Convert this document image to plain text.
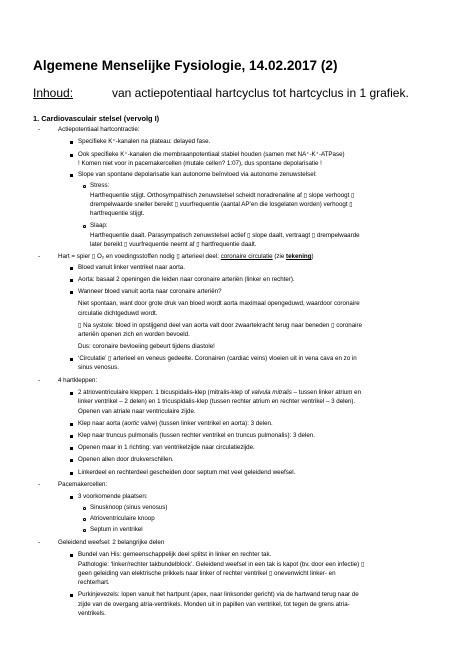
Algemene Menselijke Fysiologie, 14.02.2017 (2)
Inhoud:	van actiepotentiaal hartcyclus tot hartcyclus in 1 grafiek.
1. Cardiovasculair stelsel (vervolg I)
-	Actiepotentiaal hartcontractie:
Specifieke K⁺-kanalen na plateau: delayed fase.
Ook specifieke K⁺-kanalen die membraanpotentiaal stabiel houden (samen met NA⁺-K⁺-ATPase)
! Komen niet voor in pacemakercellen (mutale cellen? 1:07), dus spontane depolarisatie !
Slope van spontane depolarisatie kan autonome beïnvloed via autonome zenuwstelsel:
Stress:
Hartfrequentie stijgt. Orthosympathisch zenuwstelsel scheidt noradrenaline af ▯ slope verhoogt ▯
drempelwaarde sneller bereikt ▯ vuurfrequentie (aantal AP’en die losgelaten worden) verhoogt ▯
hartfrequentie stijgt.
Slaap:
Hartfrequentie daalt. Parasympatisch zenuwstelsel actief ▯ slope daalt, vertraagt ▯ drempelwaarde
later bereikt ▯ vuurfrequentie neemt af ▯ hartfrequentie daalt.
-	Hart = spier ▯ O₂ en voedingsstoffen nodig ▯ arterieel deel: coronaire circulatie (zie tekening)
Bloed vanuit linker ventrikel naar aorta.
Aorta: basaal 2 openingen die leiden naar coronaire arteriën (linker en rechter).
Wanneer bloed vanuit aorta naar coronaire arteriën?
Niet spontaan, want door grote druk van bloed wordt aorta maximaal opengeduwd, waardoor coronaire
circulatie dichtgeduwd wordt.
▯ Na systole: bloed in opstijgend deel van aorta valt door zwaartekracht terug naar beneden ▯ coronaire
arteriën openen zich en worden bevoeld.
Dus: coronaire bevloeiing gebeurt tijdens diastole!
‘Circulatie’ ▯ arterieel en veneus gedeelte. Coronairen (cardiac veins) vloeien uit in vena cava en zo in
sinus venosus.
-	4 hartkleppen:
2 atrioventriculaire kleppen: 1 bicuspidalis-klep (mitralis-klep of valvula mitralis – tussen linker atrium en
linker ventrikel – 2 delen) en 1 tricuspidalis-klep (tussen rechter atrium en rechter ventrikel – 3 delen).
Openen van atriale naar ventriculaire zijde.
Klep naar aorta (aortic valve) (tussen linker ventrikel en aorta): 3 delen.
Klep naar truncus pulmonalis (tussen rechter ventrikel en truncus pulmonalis): 3 delen.
Openen maar in 1 richting: van ventrikelzijde naar circulatiezijde.
Openen allen door drukverschillen.
Linkerdeel en rechterdeel gescheiden door septum met veel geleidend weefsel.
-	Pacemakercellen:
3 voorkomende plaatsen:
Sinusknoop (sinus venosus)
Atrioventriculaire knoop
Septum in ventrikel
-	Geleidend weefsel: 2 belangrijke delen
Bundel van His: gemeenschappelijk deel splitst in linker en rechter tak.
Pathologie: ‘linker/rechter takbundelblock’. Geleidend weefsel in een tak is kapot (bv. door een infectie) ▯
geen geleiding van elektrische prikkels naar linker of rechter ventrikel ▯ onevenwicht linker- en
rechterhart.
Purkinjevezels: lopen vanuit het hartpunt (apex, naar linksonder gericht) via de hartwand terug naar de
zijde van de overgang atria-ventrikels. Monden uit in papillen van ventrikel, tot tegen de grens atria-
ventrikels.
